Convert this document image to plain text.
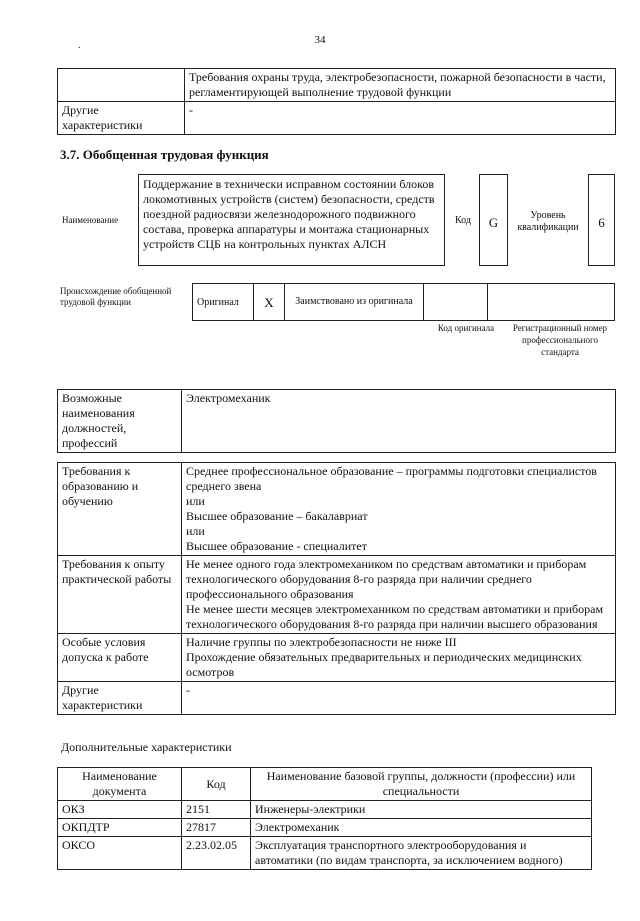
.	34
	Требования охраны труда, электробезопасности, пожарной безопасности в части, регламентирующей выполнение трудовой функции
Другие характеристики	-
3.7. Обобщенная трудовая функция
Наименование
Поддержание в технически исправном состоянии блоков локомотивных устройств (систем) безопасности, средств поездной радиосвязи железнодорожного подвижного состава, проверка аппаратуры и монтажа стационарных устройств СЦБ на контрольных пунктах АЛСН
Код	G	Уровень квалификации	6
Происхождение обобщенной трудовой функции	Оригинал	X	Заимствовано из оригинала		
Код оригинала	Регистрационный номер профессионального стандарта
Возможные наименования должностей, профессий	Электромеханик
Требования к образованию и обучению	Среднее профессиональное образование – программы подготовки специалистов среднего звена
или
Высшее образование – бакалавриат
или
Высшее образование - специалитет

Требования к опыту практической работы	Не менее одного года электромехаником по средствам автоматики и приборам технологического оборудования 8-го разряда при наличии среднего профессионального образования
Не менее шести месяцев электромехаником по средствам автоматики и приборам технологического оборудования 8-го разряда при наличии высшего образования

Особые условия допуска к работе	Наличие группы по электробезопасности не ниже III
Прохождение обязательных предварительных и периодических медицинских осмотров

Другие характеристики	-
Дополнительные характеристики
Наименование документа	Код	Наименование базовой группы, должности (профессии) или специальности
ОКЗ	2151	Инженеры-электрики
ОКПДТР	27817	Электромеханик
ОКСО	2.23.02.05	Эксплуатация транспортного электрооборудования и автоматики (по видам транспорта, за исключением водного)
